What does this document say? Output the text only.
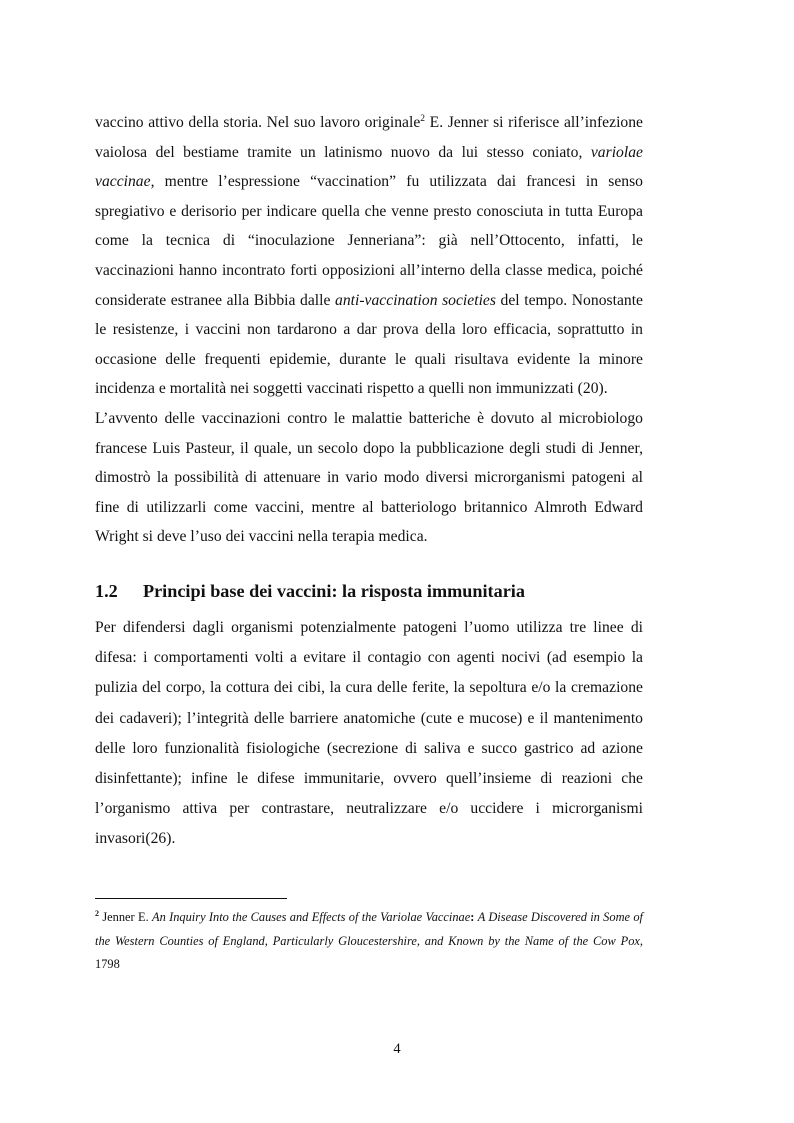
vaccino attivo della storia. Nel suo lavoro originale$^2$ E. Jenner si riferisce all’infezione vaiolosa del bestiame tramite un latinismo nuovo da lui stesso coniato, variolae vaccinae, mentre l’espressione “vaccination” fu utilizzata dai francesi in senso spregiativo e derisorio per indicare quella che venne presto conosciuta in tutta Europa come la tecnica di “inoculazione Jenneriana”: già nell’Ottocento, infatti, le vaccinazioni hanno incontrato forti opposizioni all’interno della classe medica, poiché considerate estranee alla Bibbia dalle anti-vaccination societies del tempo. Nonostante le resistenze, i vaccini non tardarono a dar prova della loro efficacia, soprattutto in occasione delle frequenti epidemie, durante le quali risultava evidente la minore incidenza e mortalità nei soggetti vaccinati rispetto a quelli non immunizzati (20).

L’avvento delle vaccinazioni contro le malattie batteriche è dovuto al microbiologo francese Luis Pasteur, il quale, un secolo dopo la pubblicazione degli studi di Jenner, dimostrò la possibilità di attenuare in vario modo diversi microrganismi patogeni al fine di utilizzarli come vaccini, mentre al batteriologo britannico Almroth Edward Wright si deve l’uso dei vaccini nella terapia medica.

1.2 Principi base dei vaccini: la risposta immunitaria

Per difendersi dagli organismi potenzialmente patogeni l’uomo utilizza tre linee di difesa: i comportamenti volti a evitare il contagio con agenti nocivi (ad esempio la pulizia del corpo, la cottura dei cibi, la cura delle ferite, la sepoltura e/o la cremazione dei cadaveri); l’integrità delle barriere anatomiche (cute e mucose) e il mantenimento delle loro funzionalità fisiologiche (secrezione di saliva e succo gastrico ad azione disinfettante); infine le difese immunitarie, ovvero quell’insieme di reazioni che l’organismo attiva per contrastare, neutralizzare e/o uccidere i microrganismi invasori(26).

$^2$ Jenner E. An Inquiry Into the Causes and Effects of the Variolae Vaccinae: A Disease Discovered in Some of the Western Counties of England, Particularly Gloucestershire, and Known by the Name of the Cow Pox, 1798
4
